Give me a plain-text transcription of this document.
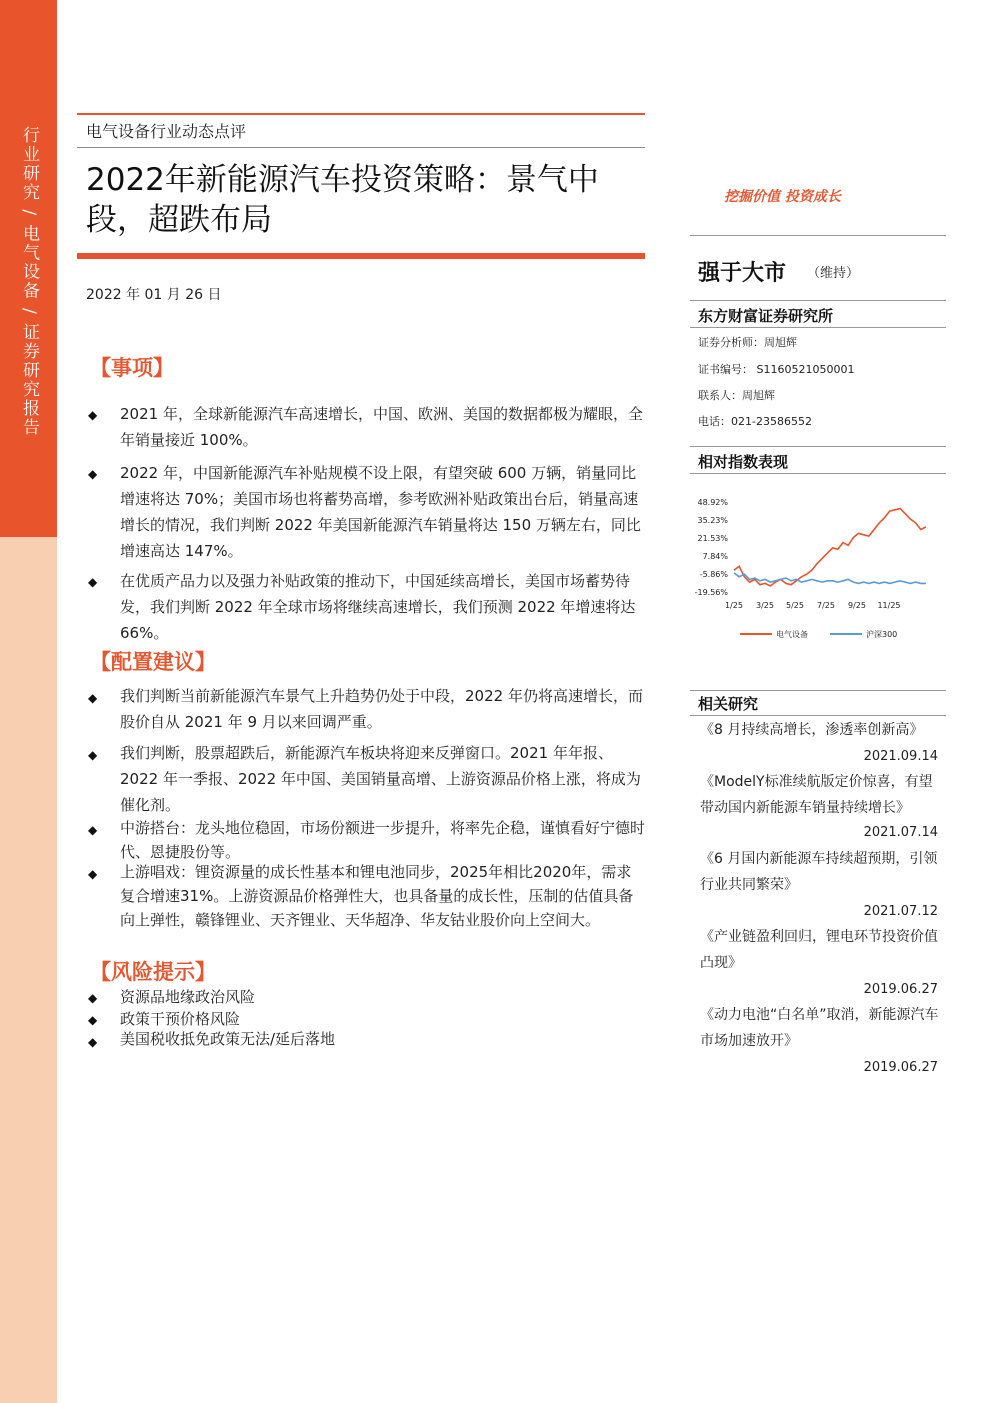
行业研究 / 电气设备 / 证券研究报告	电气设备行业动态点评
2022年新能源汽车投资策略：景气中段，超跌布局
2022 年 01 月 26 日
【事项】
◆ 2021 年，全球新能源汽车高速增长，中国、欧洲、美国的数据都极为耀眼，全年销量接近 100%。
◆ 2022 年，中国新能源汽车补贴规模不设上限，有望突破 600 万辆，销量同比增速将达 70%；美国市场也将蓄势高增，参考欧洲补贴政策出台后，销量高速增长的情况，我们判断 2022 年美国新能源汽车销量将达 150 万辆左右，同比增速高达 147%。
◆ 在优质产品力以及强力补贴政策的推动下，中国延续高增长，美国市场蓄势待发，我们判断 2022 年全球市场将继续高速增长，我们预测 2022 年增速将达 66%。
【配置建议】
◆ 我们判断当前新能源汽车景气上升趋势仍处于中段，2022 年仍将高速增长，而股价自从 2021 年 9 月以来回调严重。
◆ 我们判断，股票超跌后，新能源汽车板块将迎来反弹窗口。2021 年年报、2022 年一季报、2022 年中国、美国销量高增、上游资源品价格上涨，将成为催化剂。
◆ 中游搭台：龙头地位稳固，市场份额进一步提升，将率先企稳，谨慎看好宁德时代、恩捷股份等。
◆ 上游唱戏：锂资源量的成长性基本和锂电池同步，2025年相比2020年，需求复合增速31%。上游资源品价格弹性大，也具备量的成长性，压制的估值具备向上弹性，赣锋锂业、天齐锂业、天华超净、华友钴业股价向上空间大。
【风险提示】
◆ 资源品地缘政治风险
◆ 政策干预价格风险
◆ 美国税收抵免政策无法/延后落地
挖掘价值 投资成长
强于大市 （维持）
东方财富证券研究所
证券分析师：周旭辉
证书编号： S1160521050001
联系人：周旭辉
电话：021-23586552
相对指数表现
48.92%
35.23%
21.53%
7.84%
-5.86%
-19.56%
1/25 3/25 5/25 7/25 9/25 11/25
电气设备	沪深300
相关研究
《8 月持续高增长，渗透率创新高》
2021.09.14
《ModelY标准续航版定价惊喜，有望带动国内新能源车销量持续增长》
2021.07.14
《6 月国内新能源车持续超预期，引领行业共同繁荣》
2021.07.12
《产业链盈利回归，锂电环节投资价值凸现》
2019.06.27
《动力电池“白名单”取消，新能源汽车市场加速放开》
2019.06.27
